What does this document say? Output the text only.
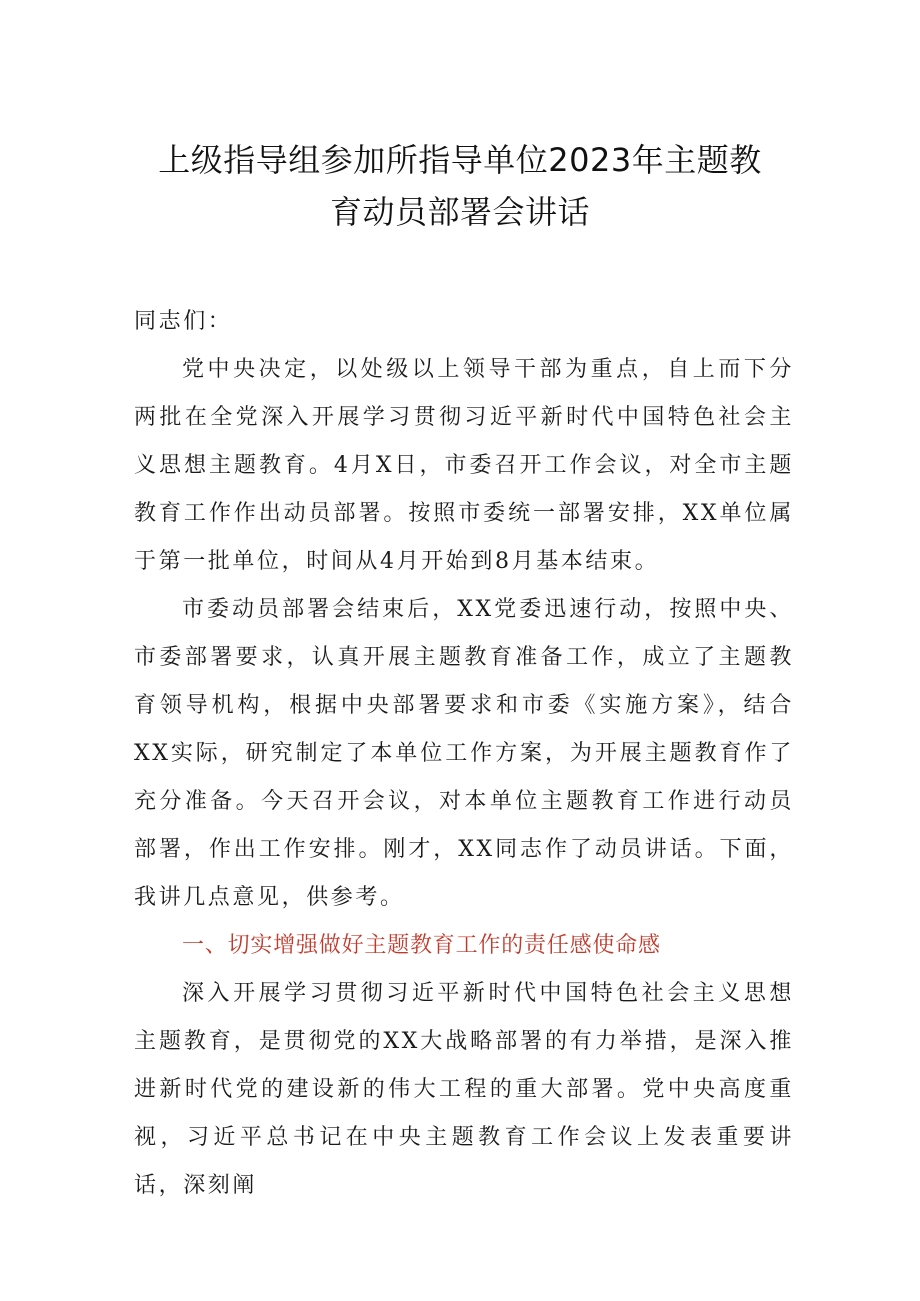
上级指导组参加所指导单位2023年主题教
育动员部署会讲话

同志们：

党中央决定，以处级以上领导干部为重点，自上而下分两批在全党深入开展学习贯彻习近平新时代中国特色社会主义思想主题教育。4月X日，市委召开工作会议，对全市主题教育工作作出动员部署。按照市委统一部署安排，XX单位属于第一批单位，时间从4月开始到8月基本结束。

市委动员部署会结束后，XX党委迅速行动，按照中央、市委部署要求，认真开展主题教育准备工作，成立了主题教育领导机构，根据中央部署要求和市委《实施方案》，结合XX实际，研究制定了本单位工作方案，为开展主题教育作了充分准备。今天召开会议，对本单位主题教育工作进行动员部署，作出工作安排。刚才，XX同志作了动员讲话。下面，我讲几点意见，供参考。

一、切实增强做好主题教育工作的责任感使命感

深入开展学习贯彻习近平新时代中国特色社会主义思想主题教育，是贯彻党的XX大战略部署的有力举措，是深入推进新时代党的建设新的伟大工程的重大部署。党中央高度重视，习近平总书记在中央主题教育工作会议上发表重要讲话，深刻阐
